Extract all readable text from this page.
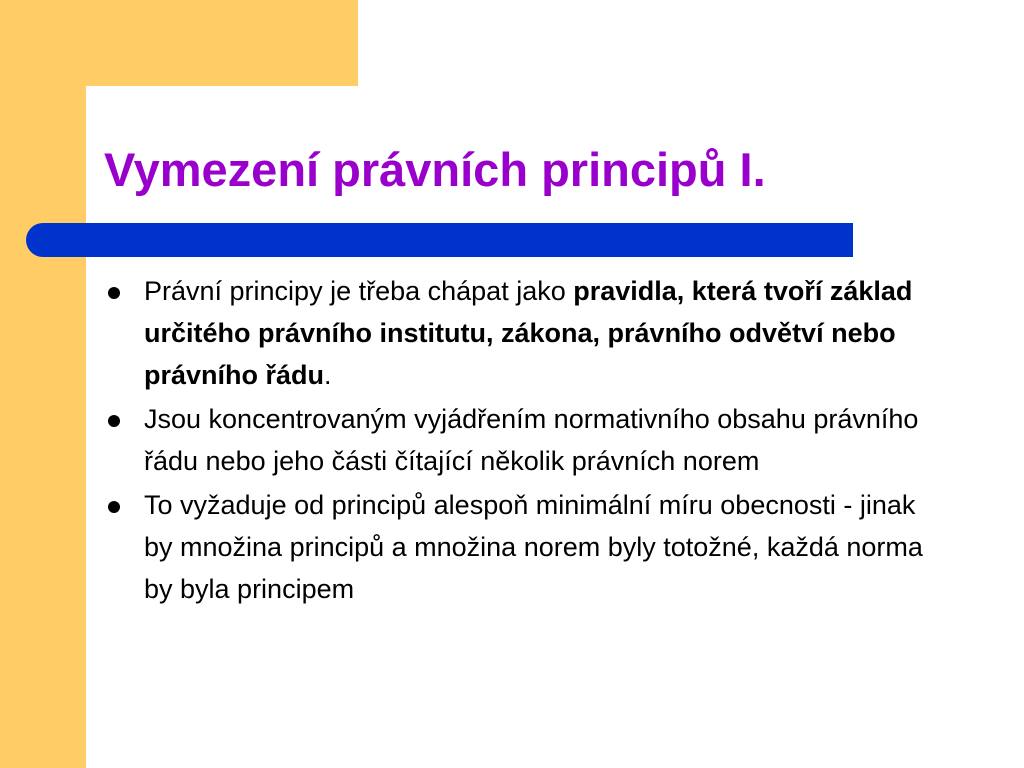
Vymezení právních principů I.
Právní principy je třeba chápat jako pravidla, která tvoří základ určitého právního institutu, zákona, právního odvětví nebo právního řádu.
Jsou koncentrovaným vyjádřením normativního obsahu právního řádu nebo jeho části čítající několik právních norem
To vyžaduje od principů alespoň minimální míru obecnosti - jinak by množina principů a množina norem byly totožné, každá norma by byla principem
